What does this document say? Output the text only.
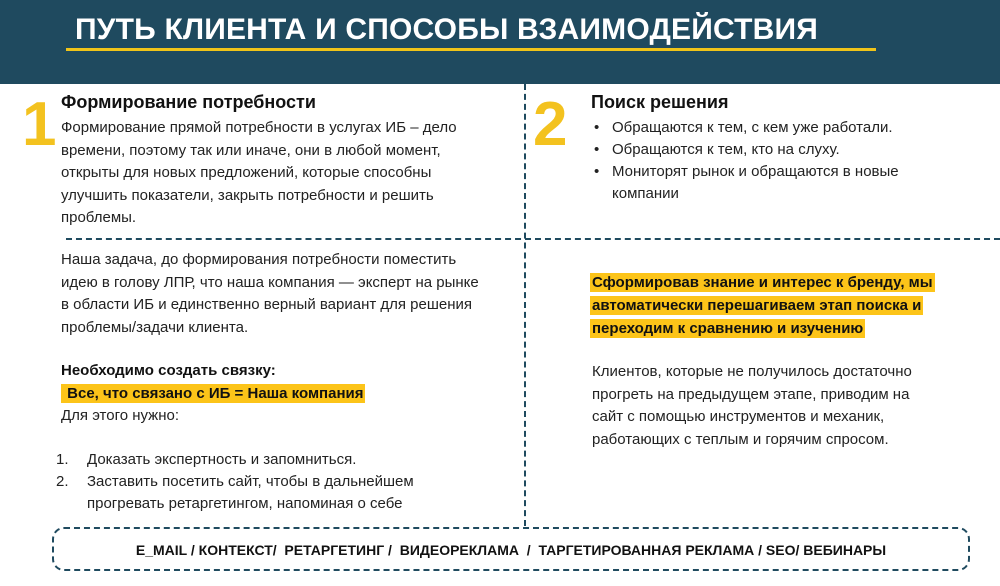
ПУТЬ КЛИЕНТА И СПОСОБЫ ВЗАИМОДЕЙСТВИЯ
1 Формирование потребности
Формирование прямой потребности в услугах ИБ – дело
времени, поэтому так или иначе, они в любой момент,
открыты для новых предложений, которые способны
улучшить показатели, закрыть потребности и решить
проблемы.
Наша задача, до формирования потребности поместить
идею в голову ЛПР, что наша компания — эксперт на рынке
в области ИБ и единственно верный вариант для решения
проблемы/задачи клиента.
Необходимо создать связку:
Все, что связано с ИБ = Наша компания
Для этого нужно:
1. Доказать экспертность и запомниться.
2. Заставить посетить сайт, чтобы в дальнейшем
прогревать ретаргетингом, напоминая о себе
2 Поиск решения
• Обращаются к тем, с кем уже работали.
• Обращаются к тем, кто на слуху.
• Мониторят рынок и обращаются в новые
компании
Сформировав знание и интерес к бренду, мы
автоматически перешагиваем этап поиска и
переходим к сравнению и изучению
Клиентов, которые не получилось достаточно
прогреть на предыдущем этапе, приводим на
сайт с помощью инструментов и механик,
работающих с теплым и горячим спросом.
E_MAIL / КОНТЕКСТ/  РЕТАРГЕТИНГ /  ВИДЕОРЕКЛАМА  /  ТАРГЕТИРОВАННАЯ РЕКЛАМА / SEO/ ВЕБИНАРЫ
